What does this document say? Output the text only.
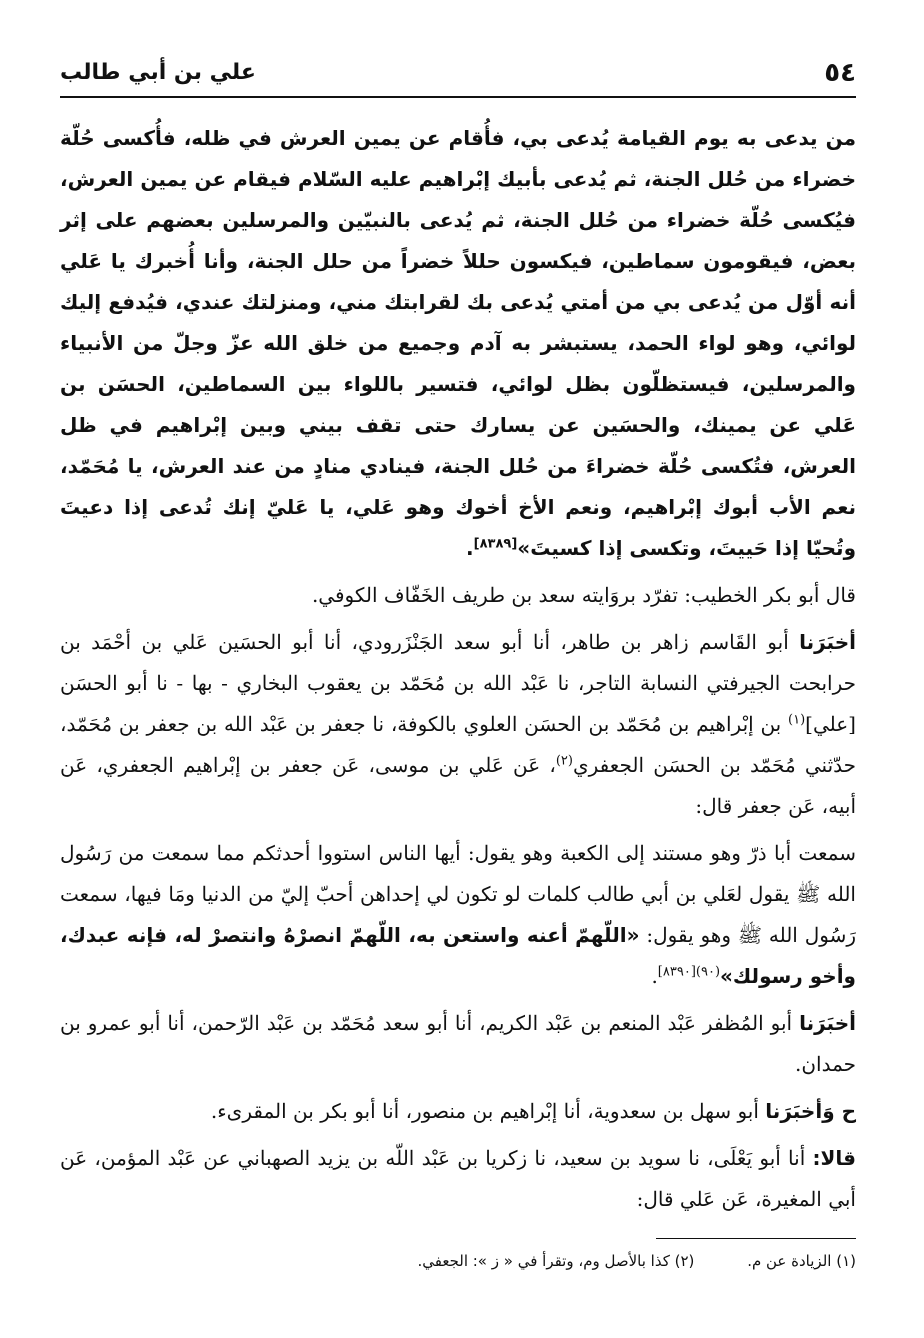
٥٤
علي بن أبي طالب

من يدعى به يوم القيامة يُدعى بي، فأُقام عن يمين العرش في ظله، فأُكسى حُلّة خضراء من حُلل الجنة، ثم يُدعى بأبيك إبْراهيم عليه السّلام فيقام عن يمين العرش، فيُكسى حُلّة خضراء من حُلل الجنة، ثم يُدعى بالنبيّين والمرسلين بعضهم على إثر بعض، فيقومون سماطين، فيكسون حللاً خضراً من حلل الجنة، وأنا أُخبرك يا عَلي أنه أوّل من يُدعى بي من أمتي يُدعى بك لقرابتك مني، ومنزلتك عندي، فيُدفع إليك لوائي، وهو لواء الحمد، يستبشر به آدم وجميع من خلق الله عزّ وجلّ من الأنبياء والمرسلين، فيستظلّون بظل لوائي، فتسير باللواء بين السماطين، الحسَن بن عَلي عن يمينك، والحسَين عن يسارك حتى تقف بيني وبين إبْراهيم في ظل العرش، فتُكسى حُلّة خضراءَ من حُلل الجنة، فينادي منادٍ من عند العرش، يا مُحَمّد، نعم الأب أبوك إبْراهيم، ونعم الأخ أخوك وهو عَلي، يا عَليّ إنك تُدعى إذا دعيتَ وتُحيّا إذا حَييتَ، وتكسى إذا كسيتَ»[٨٣٨٩].

قال أبو بكر الخطيب: تفرّد بروَايته سعد بن طريف الخَفّاف الكوفي.

أخبَرَنا أبو القَاسم زاهر بن طاهر، أنا أبو سعد الجَنْزَرودي، أنا أبو الحسَين عَلي بن أحْمَد بن حرابحت الجيرفتي النسابة التاجر، نا عَبْد الله بن مُحَمّد بن يعقوب البخاري - بها - نا أبو الحسَن [علي]$^{(١)}$ بن إبْراهيم بن مُحَمّد بن الحسَن العلوي بالكوفة، نا جعفر بن عَبْد الله بن جعفر بن مُحَمّد، حدّثني مُحَمّد بن الحسَن الجعفري$^{(٢)}$، عَن عَلي بن موسى، عَن جعفر بن إبْراهيم الجعفري، عَن أبيه، عَن جعفر قال:

سمعت أبا ذرّ وهو مستند إلى الكعبة وهو يقول: أيها الناس استووا أحدثكم مما سمعت من رَسُول الله ﷺ يقول لعَلي بن أبي طالب كلمات لو تكون لي إحداهن أحبّ إليّ من الدنيا ومَا فيها، سمعت رَسُول الله ﷺ وهو يقول: «اللّهمّ أعنه واستعن به، اللّهمّ انصرْهُ وانتصرْ له، فإنه عبدك، وأخو رسولك»$^{(٩٠)[٨٣٩٠]}$.

أخبَرَنا أبو المُظفر عَبْد المنعم بن عَبْد الكريم، أنا أبو سعد مُحَمّد بن عَبْد الرّحمن، أنا أبو عمرو بن حمدان.

ح وَأخبَرَنا أبو سهل بن سعدوية، أنا إبْراهيم بن منصور، أنا أبو بكر بن المقرىء.

قالا: أنا أبو يَعْلَى، نا سويد بن سعيد، نا زكريا بن عَبْد اللّه بن يزيد الصهباني عن عَبْد المؤمن، عَن أبي المغيرة، عَن عَلي قال:

(١) الزيادة عن م. (٢) كذا بالأصل وم، وتقرأ في « ز »: الجعفي.
